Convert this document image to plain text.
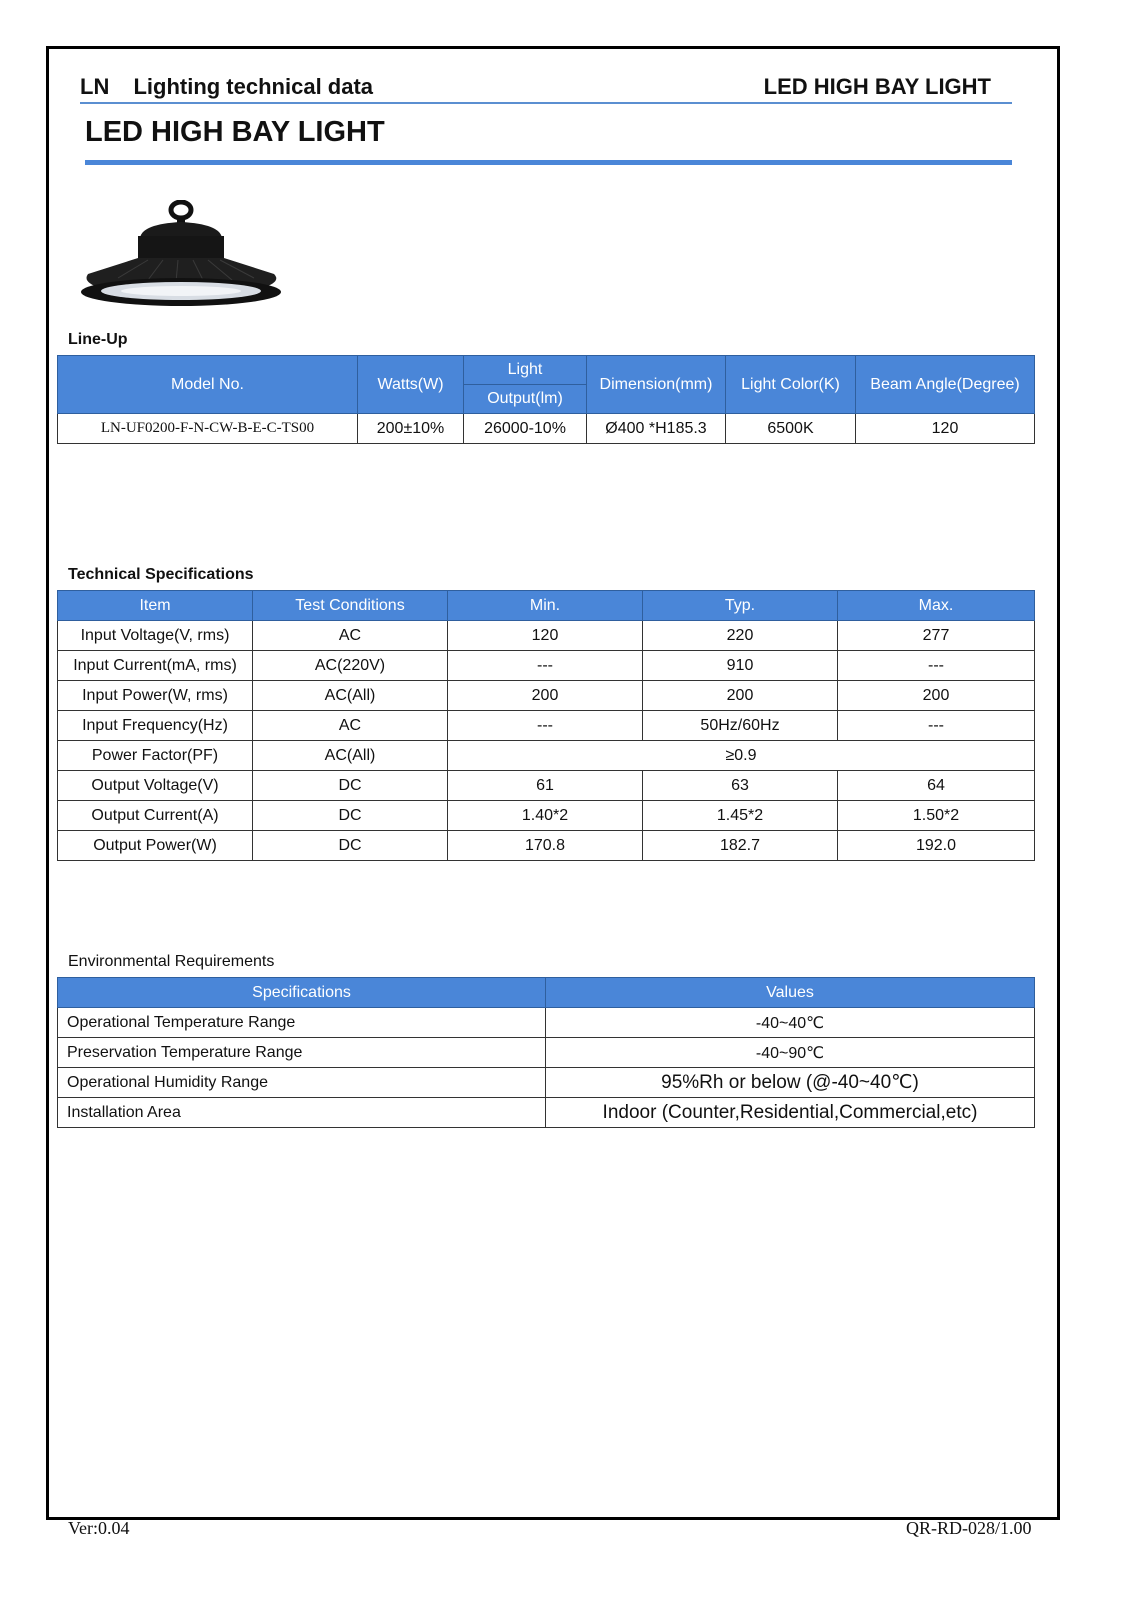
LN Lighting technical data	LED HIGH BAY LIGHT
LED HIGH BAY LIGHT
Line-Up
Model No.	Watts(W)	Light	Dimension(mm)	Light Color(K)	Beam Angle(Degree)
		Output(lm)			
LN-UF0200-F-N-CW-B-E-C-TS00	200±10%	26000-10%	Ø400 *H185.3	6500K	120
Technical Specifications
Item	Test Conditions	Min.	Typ.	Max.
Input Voltage(V, rms)	AC	120	220	277
Input Current(mA, rms)	AC(220V)	---	910	---
Input Power(W, rms)	AC(All)	200	200	200
Input Frequency(Hz)	AC	---	50Hz/60Hz	---
Power Factor(PF)	AC(All)	≥0.9		
Output Voltage(V)	DC	61	63	64
Output Current(A)	DC	1.40*2	1.45*2	1.50*2
Output Power(W)	DC	170.8	182.7	192.0
Environmental Requirements
Specifications	Values
Operational Temperature Range	-40~40℃
Preservation Temperature Range	-40~90℃
Operational Humidity Range	95%Rh or below (@-40~40℃)
Installation Area	Indoor (Counter,Residential,Commercial,etc)
Ver:0.04	QR-RD-028/1.00
